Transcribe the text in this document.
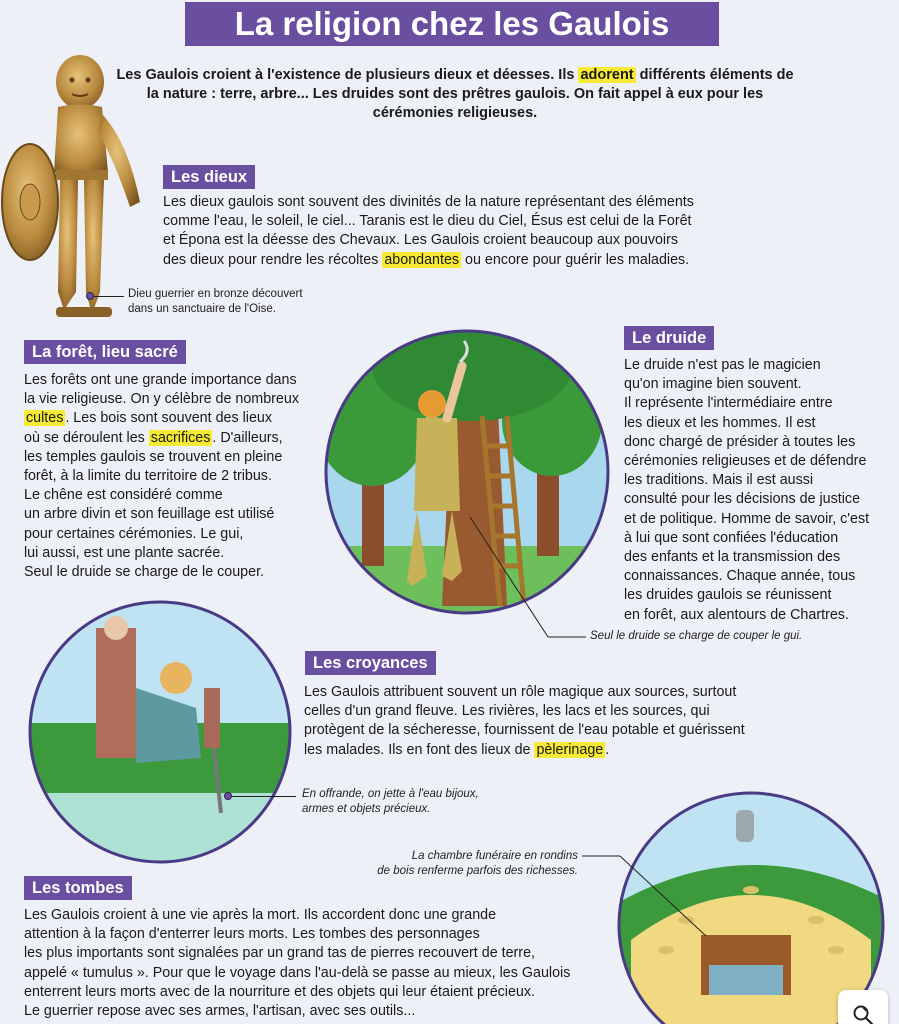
La religion chez les Gaulois
Les Gaulois croient à l'existence de plusieurs dieux et déesses. Ils adorent différents éléments de la nature : terre, arbre... Les druides sont des prêtres gaulois. On fait appel à eux pour les cérémonies religieuses.
Dieu guerrier en bronze découvert
dans un sanctuaire de l'Oise.
Les dieux
Les dieux gaulois sont souvent des divinités de la nature représentant des éléments
comme l'eau, le soleil, le ciel... Taranis est le dieu du Ciel, Ésus est celui de la Forêt
et Épona est la déesse des Chevaux. Les Gaulois croient beaucoup aux pouvoirs
des dieux pour rendre les récoltes abondantes ou encore pour guérir les maladies.
La forêt, lieu sacré
Les forêts ont une grande importance dans
la vie religieuse. On y célèbre de nombreux
cultes . Les bois sont souvent des lieux
où se déroulent les sacrifices . D'ailleurs,
les temples gaulois se trouvent en pleine
forêt, à la limite du territoire de 2 tribus.
Le chêne est considéré comme
un arbre divin et son feuillage est utilisé
pour certaines cérémonies. Le gui,
lui aussi, est une plante sacrée.
Seul le druide se charge de le couper.
Le druide
Le druide n'est pas le magicien
qu'on imagine bien souvent.
Il représente l'intermédiaire entre
les dieux et les hommes. Il est
donc chargé de présider à toutes les
cérémonies religieuses et de défendre
les traditions. Mais il est aussi
consulté pour les décisions de justice
et de politique. Homme de savoir, c'est
à lui que sont confiées l'éducation
des enfants et la transmission des
connaissances. Chaque année, tous
les druides gaulois se réunissent
en forêt, aux alentours de Chartres.
Seul le druide se charge de couper le gui.
Les croyances
Les Gaulois attribuent souvent un rôle magique aux sources, surtout
celles d'un grand fleuve. Les rivières, les lacs et les sources, qui
protègent de la sécheresse, fournissent de l'eau potable et guérissent
les malades. Ils en font des lieux de pèlerinage .
En offrande, on jette à l'eau bijoux,
armes et objets précieux.
La chambre funéraire en rondins
de bois renferme parfois des richesses.
Les tombes
Les Gaulois croient à une vie après la mort. Ils accordent donc une grande
attention à la façon d'enterrer leurs morts. Les tombes des personnages
les plus importants sont signalées par un grand tas de pierres recouvert de terre,
appelé « tumulus ». Pour que le voyage dans l'au-delà se passe au mieux, les Gaulois
enterrent leurs morts avec de la nourriture et des objets qui leur étaient précieux.
Le guerrier repose avec ses armes, l'artisan, avec ses outils...
